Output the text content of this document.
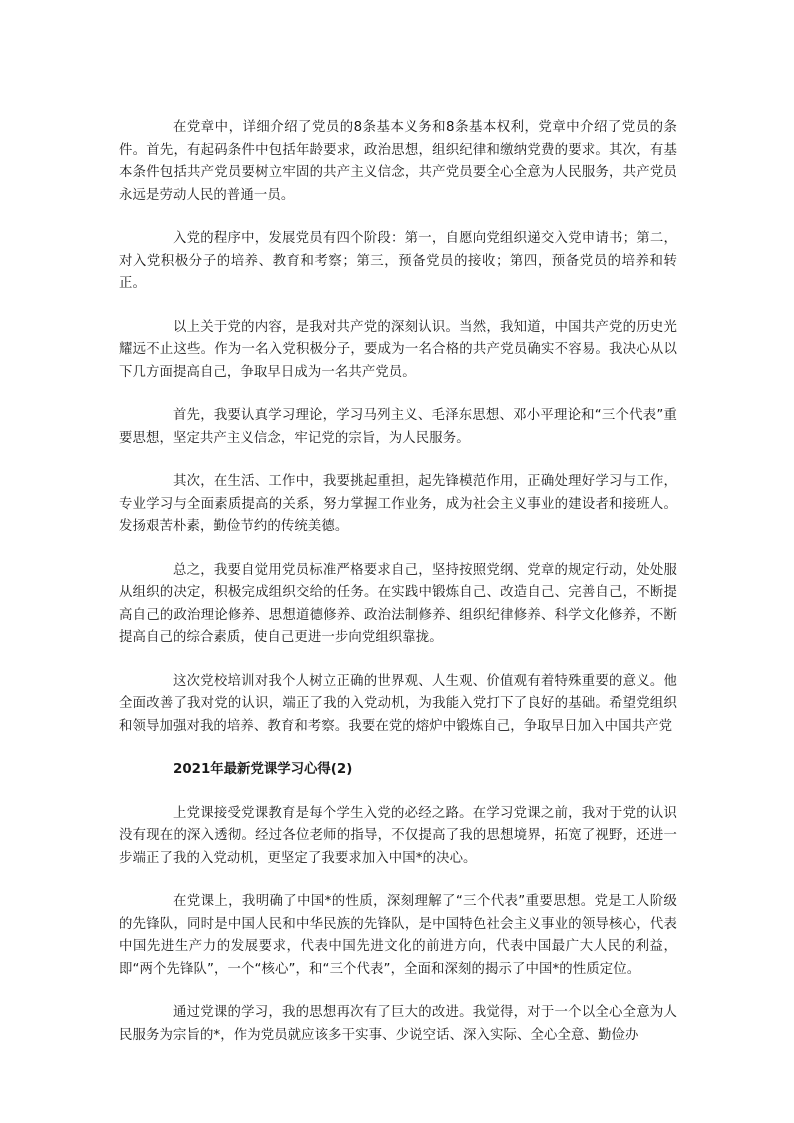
在党章中，详细介绍了党员的8条基本义务和8条基本权利，党章中介绍了党员的条件。首先，有起码条件中包括年龄要求，政治思想，组织纪律和缴纳党费的要求。其次，有基本条件包括共产党员要树立牢固的共产主义信念，共产党员要全心全意为人民服务，共产党员永远是劳动人民的普通一员。

入党的程序中，发展党员有四个阶段：第一，自愿向党组织递交入党申请书；第二，对入党积极分子的培养、教育和考察；第三，预备党员的接收；第四，预备党员的培养和转正。

以上关于党的内容，是我对共产党的深刻认识。当然，我知道，中国共产党的历史光耀远不止这些。作为一名入党积极分子，要成为一名合格的共产党员确实不容易。我决心从以下几方面提高自己，争取早日成为一名共产党员。

首先，我要认真学习理论，学习马列主义、毛泽东思想、邓小平理论和“三个代表”重要思想，坚定共产主义信念，牢记党的宗旨，为人民服务。

其次，在生活、工作中，我要挑起重担，起先锋模范作用，正确处理好学习与工作，专业学习与全面素质提高的关系，努力掌握工作业务，成为社会主义事业的建设者和接班人。发扬艰苦朴素，勤俭节约的传统美德。

总之，我要自觉用党员标准严格要求自己，坚持按照党纲、党章的规定行动，处处服从组织的决定，积极完成组织交给的任务。在实践中锻炼自己、改造自己、完善自己，不断提高自己的政治理论修养、思想道德修养、政治法制修养、组织纪律修养、科学文化修养，不断提高自己的综合素质，使自己更进一步向党组织靠拢。

这次党校培训对我个人树立正确的世界观、人生观、价值观有着特殊重要的意义。他全面改善了我对党的认识，端正了我的入党动机，为我能入党打下了良好的基础。希望党组织和领导加强对我的培养、教育和考察。我要在党的熔炉中锻炼自己，争取早日加入中国共产党

2021年最新党课学习心得(2)

上党课接受党课教育是每个学生入党的必经之路。在学习党课之前，我对于党的认识没有现在的深入透彻。经过各位老师的指导，不仅提高了我的思想境界，拓宽了视野，还进一步端正了我的入党动机，更坚定了我要求加入中国*的决心。

在党课上，我明确了中国*的性质，深刻理解了“三个代表”重要思想。党是工人阶级的先锋队，同时是中国人民和中华民族的先锋队，是中国特色社会主义事业的领导核心，代表中国先进生产力的发展要求，代表中国先进文化的前进方向，代表中国最广大人民的利益，即“两个先锋队”，一个“核心”，和“三个代表”，全面和深刻的揭示了中国*的性质定位。

通过党课的学习，我的思想再次有了巨大的改进。我觉得，对于一个以全心全意为人民服务为宗旨的*，作为党员就应该多干实事、少说空话、深入实际、全心全意、勤俭办
